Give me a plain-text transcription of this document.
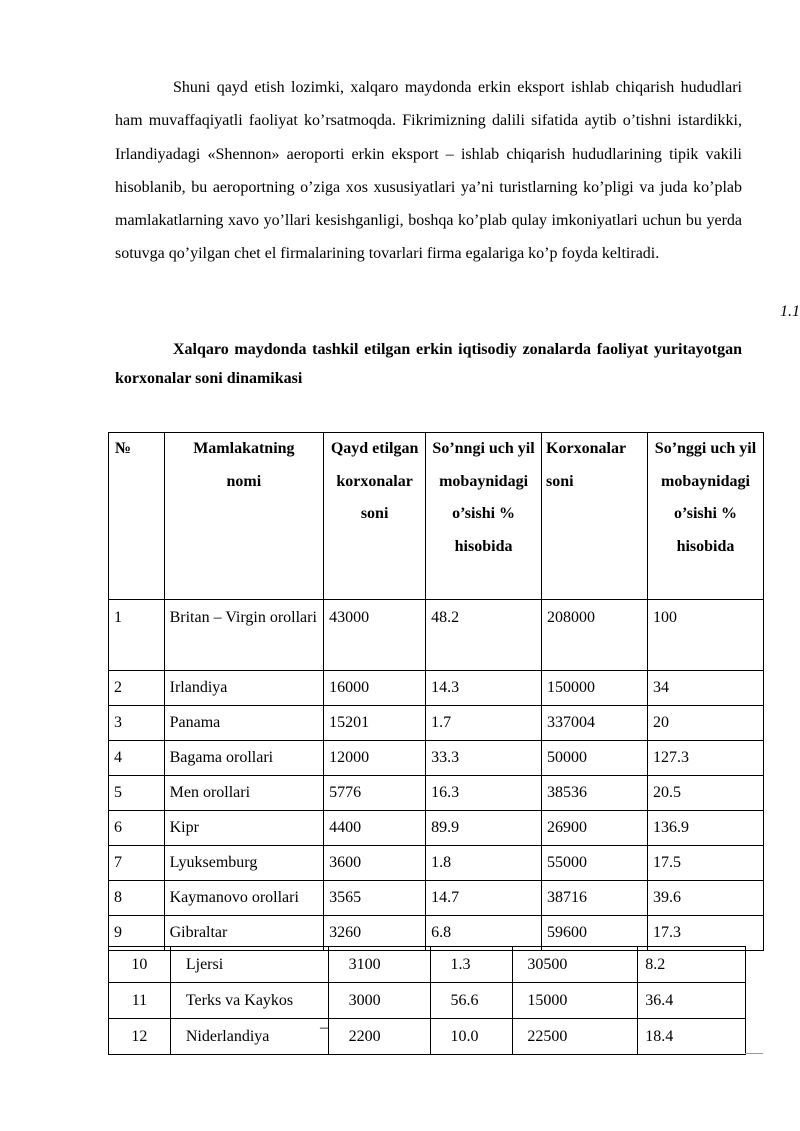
Shuni qayd etish lozimki, xalqaro maydonda erkin eksport ishlab chiqarish hududlari ham muvaffaqiyatli faoliyat ko’rsatmoqda. Fikrimizning dalili sifatida aytib o’tishni istardikki, Irlandiyadagi «Shennon» aeroporti erkin eksport – ishlab chiqarish hududlarining tipik vakili hisoblanib, bu aeroportning o’ziga xos xususiyatlari ya’ni turistlarning ko’pligi va juda ko’plab mamlakatlarning xavo yo’llari kesishganligi, boshqa ko’plab qulay imkoniyatlari uchun bu yerda sotuvga qo’yilgan chet el firmalarining tovarlari firma egalariga ko’p foyda keltiradi.

1.1

Xalqaro maydonda tashkil etilgan erkin iqtisodiy zonalarda faoliyat yuritayotgan korxonalar soni dinamikasi

№	Mamlakatning nomi	Qayd etilgan korxonalar soni	So’nngi uch yil mobaynidagi o’sishi % hisobida	Korxonalar soni	So’nggi uch yil mobaynidagi o’sishi % hisobida

1	Britan – Virgin orollari	43000	48.2	208000	100
2	Irlandiya	16000	14.3	150000	34
3	Panama	15201	1.7	337004	20
4	Bagama orollari	12000	33.3	50000	127.3
5	Men orollari	5776	16.3	38536	20.5
6	Kipr	4400	89.9	26900	136.9
7	Lyuksemburg	3600	1.8	55000	17.5
8	Kaymanovo orollari	3565	14.7	38716	39.6
9	Gibraltar	3260	6.8	59600	17.3
10	Ljersi	3100	1.3	30500	8.2
11	Terks va Kaykos	3000	56.6	15000	36.4
12	Niderlandiya	2200	10.0	22500	18.4
–
